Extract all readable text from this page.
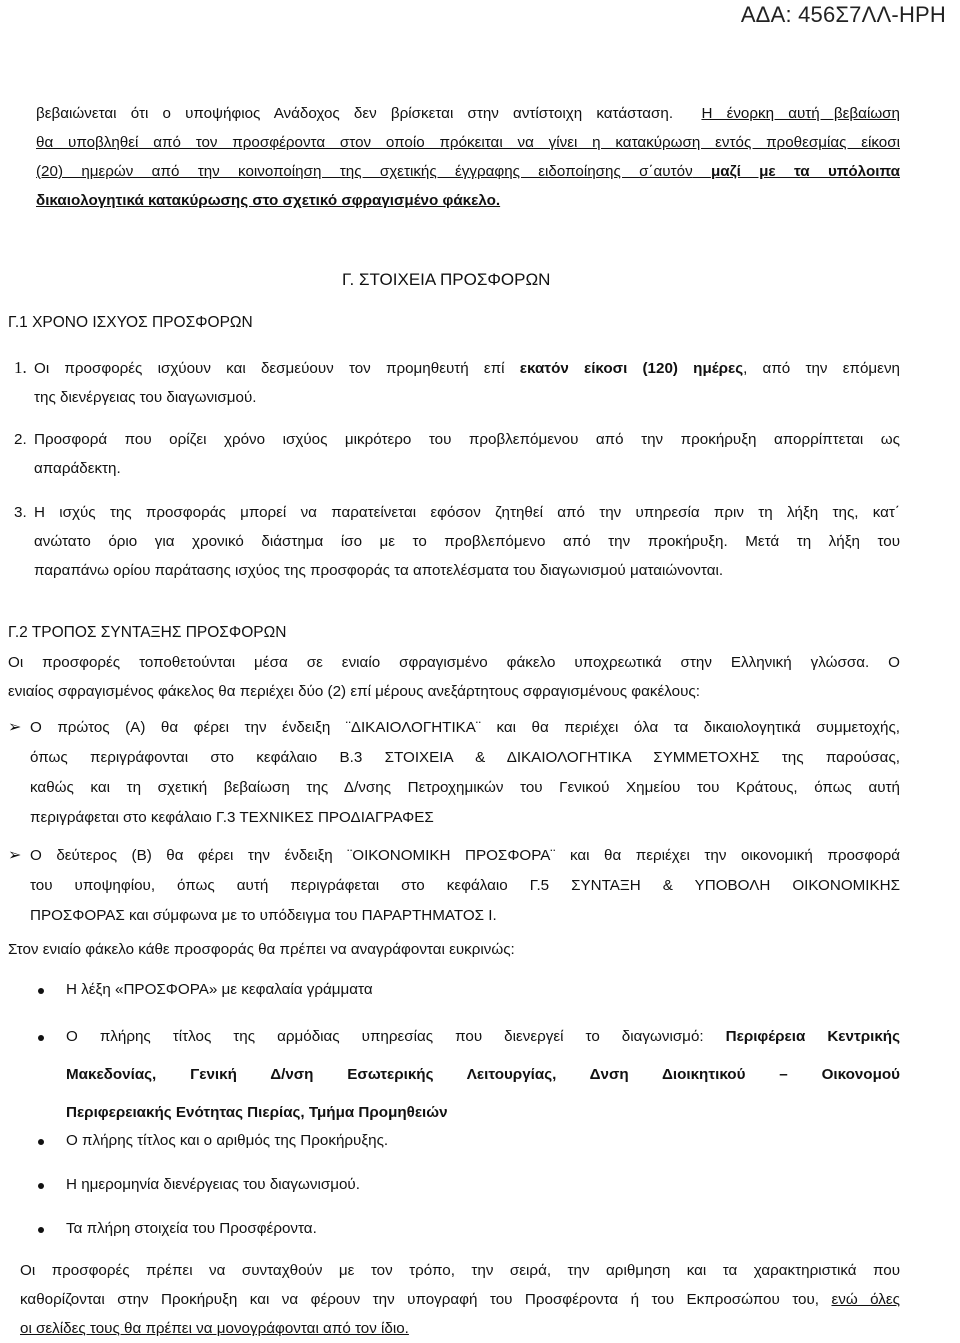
ΑΔΑ: 456Σ7ΛΛ-ΗΡΗ
βεβαιώνεται ότι ο υποψήφιος Ανάδοχος δεν βρίσκεται στην αντίστοιχη κατάσταση. Η ένορκη αυτή βεβαίωση
θα υποβληθεί από τον προσφέροντα στον οποίο πρόκειται να γίνει η κατακύρωση εντός προθεσμίας είκοσι
(20) ημερών από την κοινοποίηση της σχετικής έγγραφης ειδοποίησης σ΄αυτόν μαζί με τα υπόλοιπα
δικαιολογητικά κατακύρωσης στο σχετικό σφραγισμένο φάκελο.
Γ. ΣΤΟΙΧΕΙΑ ΠΡΟΣΦΟΡΩΝ
Γ.1 ΧΡΟΝΟ ΙΣΧΥΟΣ ΠΡΟΣΦΟΡΩΝ
1. Οι προσφορές ισχύουν και δεσμεύουν τον προμηθευτή επί εκατόν είκοσι (120) ημέρες, από την επόμενη
της διενέργειας του διαγωνισμού.
2. Προσφορά που ορίζει χρόνο ισχύος μικρότερο του προβλεπόμενου από την προκήρυξη απορρίπτεται ως
απαράδεκτη.
3. Η ισχύς της προσφοράς μπορεί να παρατείνεται εφόσον ζητηθεί από την υπηρεσία πριν τη λήξη της, κατ΄
ανώτατο όριο για χρονικό διάστημα ίσο με το προβλεπόμενο από την προκήρυξη. Μετά τη λήξη του
παραπάνω ορίου παράτασης ισχύος της προσφοράς τα αποτελέσματα του διαγωνισμού ματαιώνονται.
Γ.2 ΤΡΟΠΟΣ ΣΥΝΤΑΞΗΣ ΠΡΟΣΦΟΡΩΝ
Οι προσφορές τοποθετούνται μέσα σε ενιαίο σφραγισμένο φάκελο υποχρεωτικά στην Ελληνική γλώσσα. Ο
ενιαίος σφραγισμένος φάκελος θα περιέχει δύο (2) επί μέρους ανεξάρτητους σφραγισμένους φακέλους:
➢ Ο πρώτος (Α) θα φέρει την ένδειξη ¨ΔΙΚΑΙΟΛΟΓΗΤΙΚΑ¨ και θα περιέχει όλα τα δικαιολογητικά συμμετοχής,
όπως περιγράφονται στο κεφάλαιο Β.3 ΣΤΟΙΧΕΙΑ & ΔΙΚΑΙΟΛΟΓΗΤΙΚΑ ΣΥΜΜΕΤΟΧΗΣ της παρούσας,
καθώς και τη σχετική βεβαίωση της Δ/νσης Πετροχημικών του Γενικού Χημείου του Κράτους, όπως αυτή
περιγράφεται στο κεφάλαιο Γ.3 ΤΕΧΝΙΚΕΣ ΠΡΟΔΙΑΓΡΑΦΕΣ
➢ Ο δεύτερος (Β) θα φέρει την ένδειξη ¨ΟΙΚΟΝΟΜΙΚΗ ΠΡΟΣΦΟΡΑ¨ και θα περιέχει την οικονομική προσφορά
του υποψηφίου, όπως αυτή περιγράφεται στο κεφάλαιο Γ.5 ΣΥΝΤΑΞΗ & ΥΠΟΒΟΛΗ ΟΙΚΟΝΟΜΙΚΗΣ
ΠΡΟΣΦΟΡΑΣ και σύμφωνα με το υπόδειγμα του ΠΑΡΑΡΤΗΜΑΤΟΣ Ι.
Στον ενιαίο φάκελο κάθε προσφοράς θα πρέπει να αναγράφονται ευκρινώς:
Η λέξη «ΠΡΟΣΦΟΡΑ» με κεφαλαία γράμματα
Ο πλήρης τίτλος της αρμόδιας υπηρεσίας που διενεργεί το διαγωνισμό: Περιφέρεια Κεντρικής
Μακεδονίας, Γενική Δ/νση Εσωτερικής Λειτουργίας, Δνση Διοικητικού – Οικονομού
Περιφερειακής Ενότητας Πιερίας, Τμήμα Προμηθειών
Ο πλήρης τίτλος και ο αριθμός της Προκήρυξης.
Η ημερομηνία διενέργειας του διαγωνισμού.
Τα πλήρη στοιχεία του Προσφέροντα.
Οι προσφορές πρέπει να συνταχθούν με τον τρόπο, την σειρά, την αριθμηση και τα χαρακτηριστικά που
καθορίζονται στην Προκήρυξη και να φέρουν την υπογραφή του Προσφέροντα ή του Εκπροσώπου του, ενώ όλες
οι σελίδες τους θα πρέπει να μονογράφονται από τον ίδιο.
